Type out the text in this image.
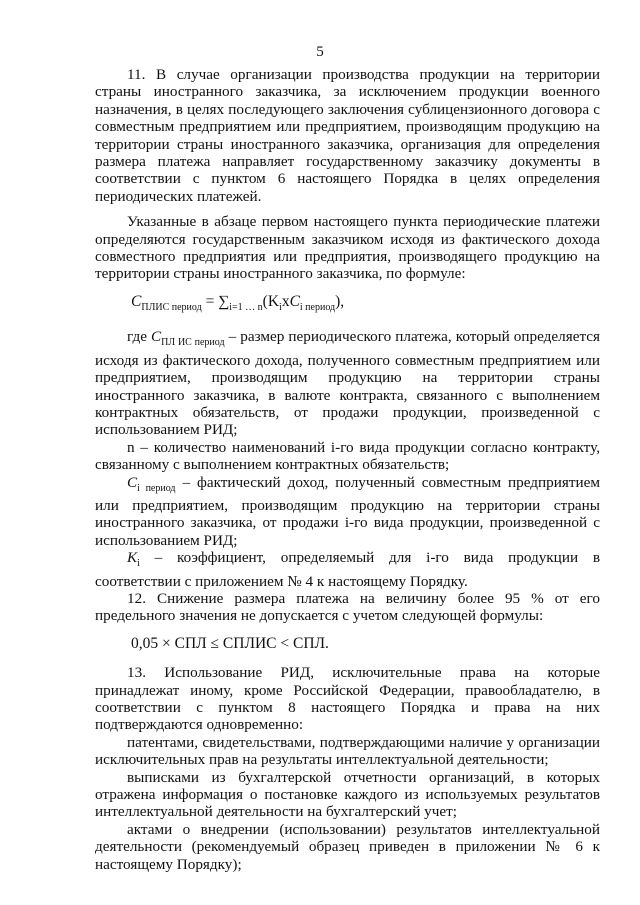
5

11. В случае организации производства продукции на территории страны иностранного заказчика, за исключением продукции военного назначения, в целях последующего заключения сублицензионного договора с совместным предприятием или предприятием, производящим продукцию на территории страны иностранного заказчика, организация для определения размера платежа направляет государственному заказчику документы в соответствии с пунктом 6 настоящего Порядка в целях определения периодических платежей.

Указанные в абзаце первом настоящего пункта периодические платежи определяются государственным заказчиком исходя из фактического дохода совместного предприятия или предприятия, производящего продукцию на территории страны иностранного заказчика, по формуле:

$С_{ПЛИС период} = \sum_{i=1 \dots n}(K_ixC_{i период})$,

где $С_{ПЛ ИС период}$ – размер периодического платежа, который определяется исходя из фактического дохода, полученного совместным предприятием или предприятием, производящим продукцию на территории страны иностранного заказчика, в валюте контракта, связанного с выполнением контрактных обязательств, от продажи продукции, произведенной с использованием РИД;

n – количество наименований i-го вида продукции согласно контракту, связанному с выполнением контрактных обязательств;

$C_{i период}$ – фактический доход, полученный совместным предприятием или предприятием, производящим продукцию на территории страны иностранного заказчика, от продажи i-го вида продукции, произведенной с использованием РИД;

$K_i$ – коэффициент, определяемый для i-го вида продукции в соответствии с приложением № 4 к настоящему Порядку.

12. Снижение размера платежа на величину более 95 % от его предельного значения не допускается с учетом следующей формулы:

0,05 × СПЛ ≤ СПЛИС < СПЛ.

13. Использование РИД, исключительные права на которые принадлежат иному, кроме Российской Федерации, правообладателю, в соответствии с пунктом 8 настоящего Порядка и права на них подтверждаются одновременно:

патентами, свидетельствами, подтверждающими наличие у организации исключительных прав на результаты интеллектуальной деятельности;

выписками из бухгалтерской отчетности организаций, в которых отражена информация о постановке каждого из используемых результатов интеллектуальной деятельности на бухгалтерский учет;

актами о внедрении (использовании) результатов интеллектуальной деятельности (рекомендуемый образец приведен в приложении № 6 к настоящему Порядку);
